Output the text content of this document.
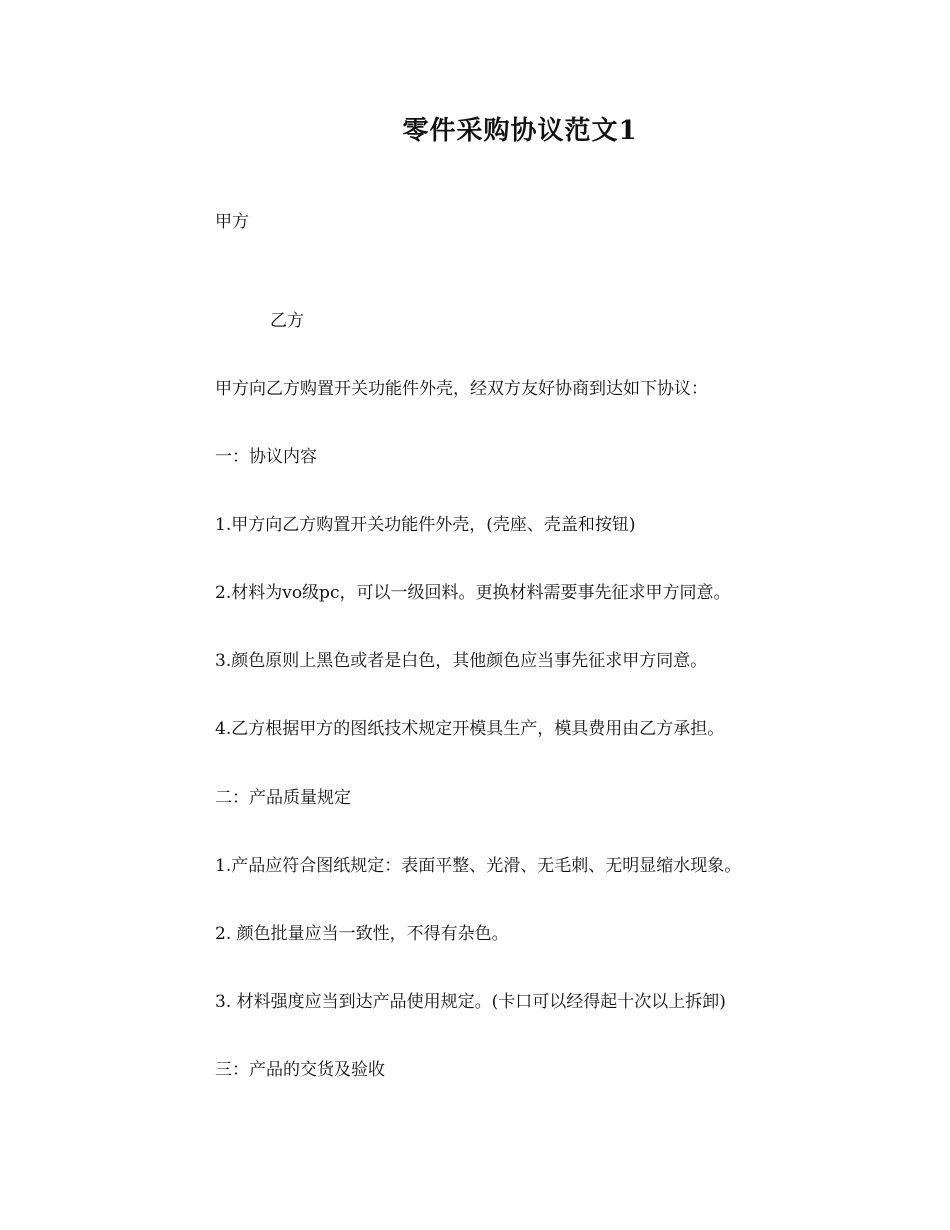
零件采购协议范文1
甲方
乙方
甲方向乙方购置开关功能件外壳，经双方友好协商到达如下协议：
一：协议内容
1.甲方向乙方购置开关功能件外壳，(壳座、壳盖和按钮)
2.材料为vo级pc，可以一级回料。更换材料需要事先征求甲方同意。
3.颜色原则上黑色或者是白色，其他颜色应当事先征求甲方同意。
4.乙方根据甲方的图纸技术规定开模具生产，模具费用由乙方承担。
二：产品质量规定
1.产品应符合图纸规定：表面平整、光滑、无毛刺、无明显缩水现象。
2. 颜色批量应当一致性，不得有杂色。
3. 材料强度应当到达产品使用规定。(卡口可以经得起十次以上拆卸)
三：产品的交货及验收
